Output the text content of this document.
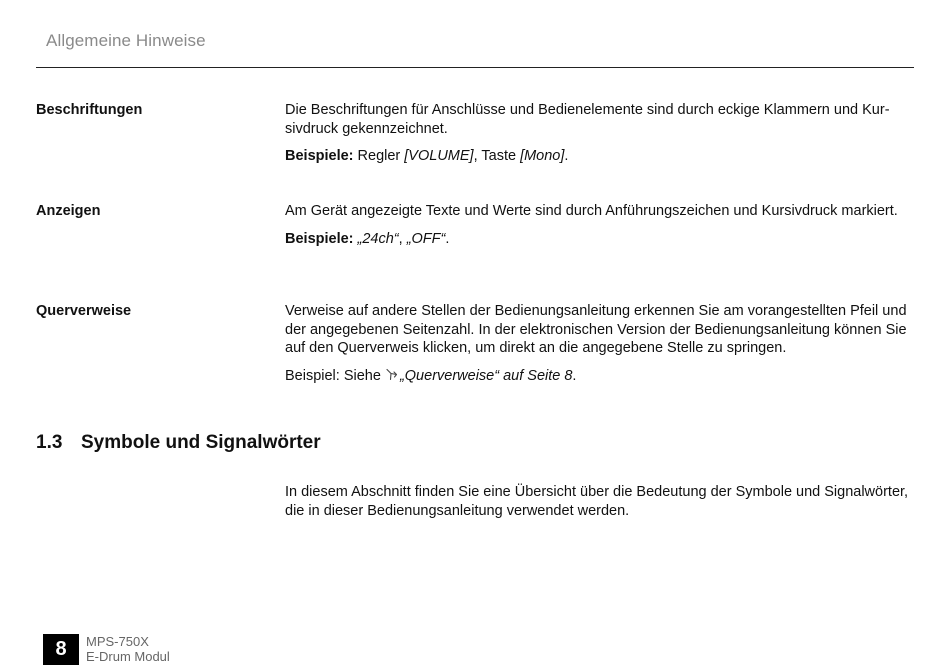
Allgemeine Hinweise
Beschriftungen	Die Beschriftungen für Anschlüsse und Bedienelemente sind durch eckige Klammern und Kursivdruck gekennzeichnet.

Beispiele: Regler [VOLUME], Taste [Mono].

Anzeigen	Am Gerät angezeigte Texte und Werte sind durch Anführungszeichen und Kursivdruck markiert.

Beispiele: „24ch“, „OFF“.

Querverweise	Verweise auf andere Stellen der Bedienungsanleitung erkennen Sie am vorangestellten Pfeil und der angegebenen Seitenzahl. In der elektronischen Version der Bedienungsanleitung können Sie auf den Querverweis klicken, um direkt an die angegebene Stelle zu springen.

Beispiel: Siehe „Querverweise“ auf Seite 8.

1.3 Symbole und Signalwörter

In diesem Abschnitt finden Sie eine Übersicht über die Bedeutung der Symbole und Signalwörter, die in dieser Bedienungsanleitung verwendet werden.

8	MPS-750X
E-Drum Modul
